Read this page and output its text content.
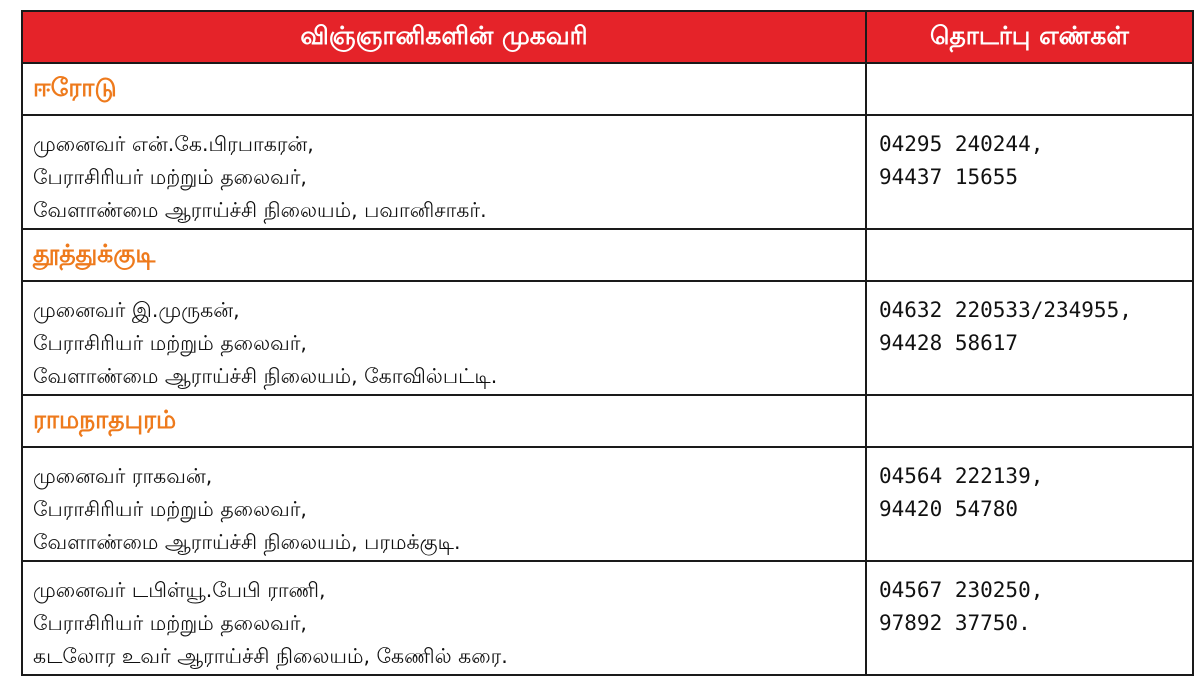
விஞ்ஞானிகளின் முகவரி	தொடர்பு எண்கள்

ஈரோடு	

முனைவர் என்.கே.பிரபாகரன்,
பேராசிரியர் மற்றும் தலைவர்,
வேளாண்மை ஆராய்ச்சி நிலையம், பவானிசாகர்.	04295 240244,
94437 15655

தூத்துக்குடி	

முனைவர் இ.முருகன்,
பேராசிரியர் மற்றும் தலைவர்,
வேளாண்மை ஆராய்ச்சி நிலையம், கோவில்பட்டி.	04632 220533/234955,
94428 58617

ராமநாதபுரம்	

முனைவர் ராகவன்,
பேராசிரியர் மற்றும் தலைவர்,
வேளாண்மை ஆராய்ச்சி நிலையம், பரமக்குடி.	04564 222139,
94420 54780

முனைவர் டபிள்யூ.பேபி ராணி,
பேராசிரியர் மற்றும் தலைவர்,
கடலோர உவர் ஆராய்ச்சி நிலையம், கேணில் கரை.	04567 230250,
97892 37750.
